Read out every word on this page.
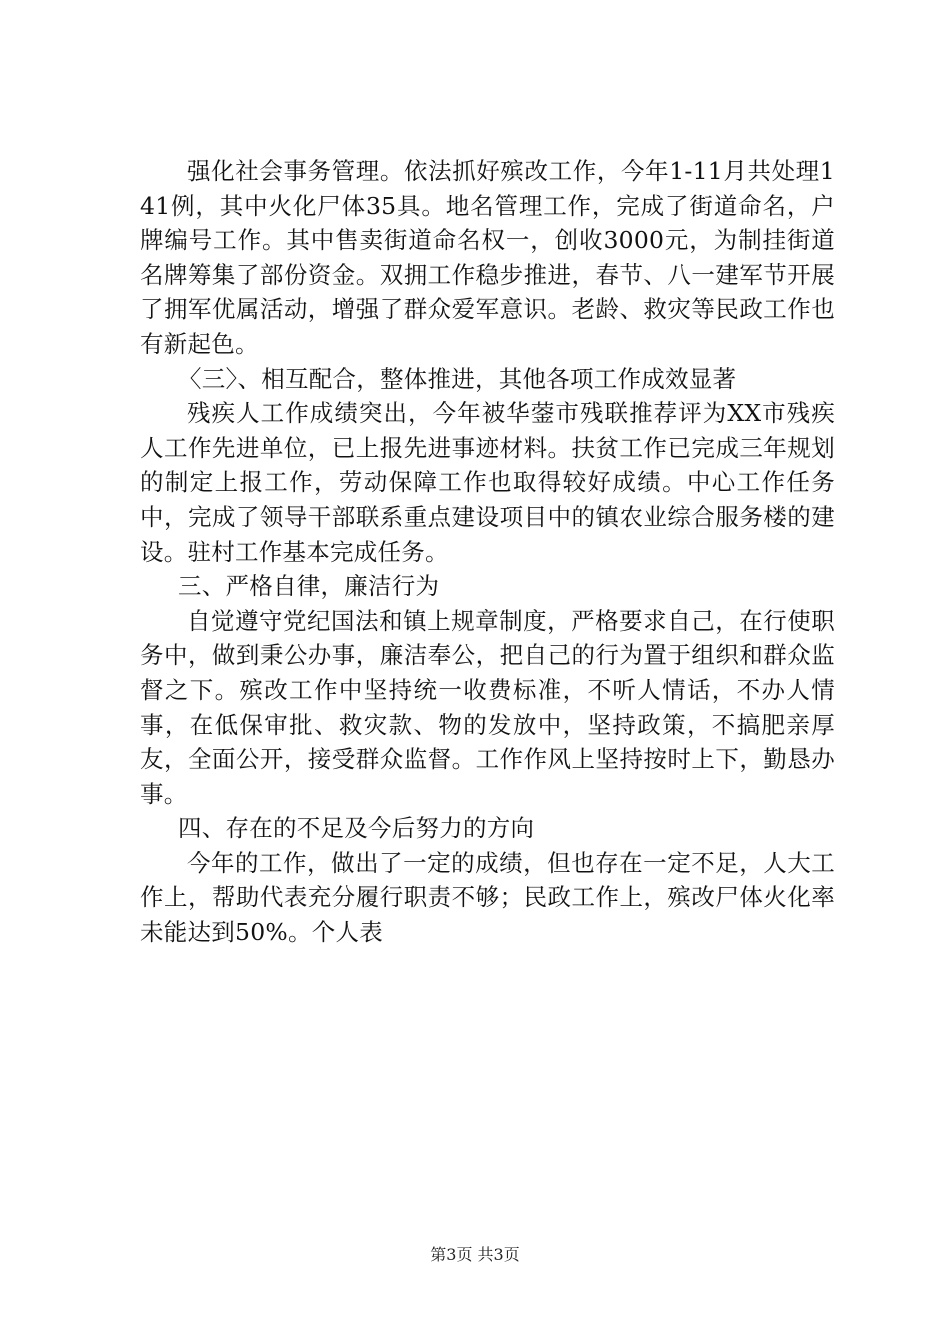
强化社会事务管理。依法抓好殡改工作，今年1-11月共处理141例，其中火化尸体35具。地名管理工作，完成了街道命名，户牌编号工作。其中售卖街道命名权一，创收3000元，为制挂街道名牌筹集了部份资金。双拥工作稳步推进，春节、八一建军节开展了拥军优属活动，增强了群众爱军意识。老龄、救灾等民政工作也有新起色。

〈三〉、相互配合，整体推进，其他各项工作成效显著

残疾人工作成绩突出，今年被华蓥市残联推荐评为XX市残疾人工作先进单位，已上报先进事迹材料。扶贫工作已完成三年规划的制定上报工作，劳动保障工作也取得较好成绩。中心工作任务中，完成了领导干部联系重点建设项目中的镇农业综合服务楼的建设。驻村工作基本完成任务。

三、严格自律，廉洁行为

自觉遵守党纪国法和镇上规章制度，严格要求自己，在行使职务中，做到秉公办事，廉洁奉公，把自己的行为置于组织和群众监督之下。殡改工作中坚持统一收费标准，不听人情话，不办人情事，在低保审批、救灾款、物的发放中，坚持政策，不搞肥亲厚友，全面公开，接受群众监督。工作作风上坚持按时上下，勤恳办事。

四、存在的不足及今后努力的方向

今年的工作，做出了一定的成绩，但也存在一定不足，人大工作上，帮助代表充分履行职责不够；民政工作上，殡改尸体火化率未能达到50%。个人表

第3页 共3页
